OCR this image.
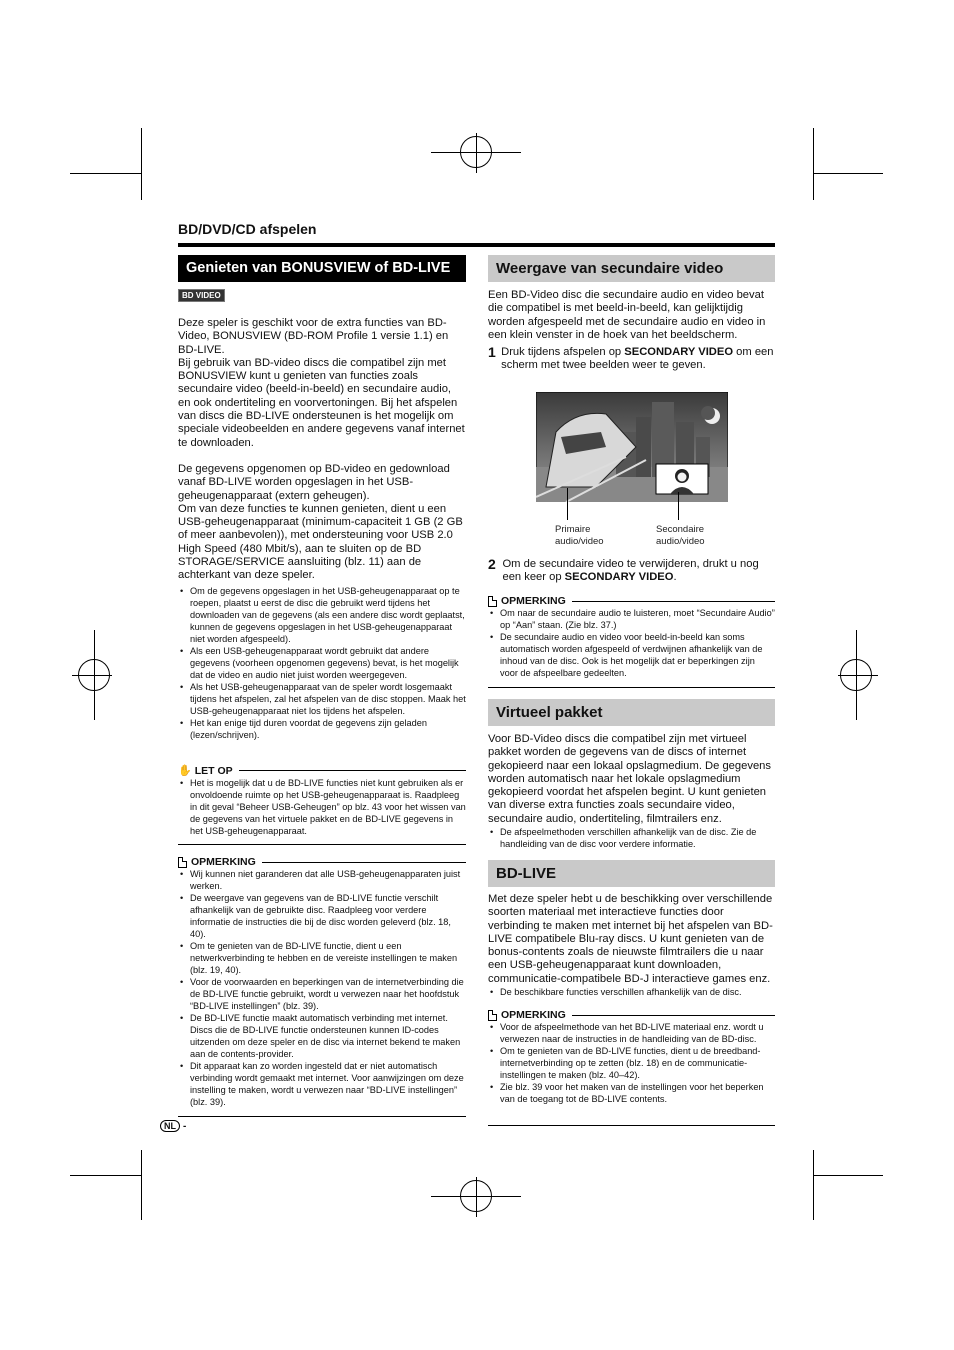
BD/DVD/CD afspelen
Genieten van BONUSVIEW of BD-LIVE
BD VIDEO

Deze speler is geschikt voor de extra functies van BD-Video, BONUSVIEW (BD-ROM Profile 1 versie 1.1) en BD-LIVE.

Bij gebruik van BD-video discs die compatibel zijn met BONUSVIEW kunt u genieten van functies zoals secundaire video (beeld-in-beeld) en secundaire audio, en ook ondertiteling en voorvertoningen. Bij het afspelen van discs die BD-LIVE ondersteunen is het mogelijk om speciale videobeelden en andere gegevens vanaf internet te downloaden.

De gegevens opgenomen op BD-video en gedownload vanaf BD-LIVE worden opgeslagen in het USB-geheugenapparaat (extern geheugen).

Om van deze functies te kunnen genieten, dient u een USB-geheugenapparaat (minimum-capaciteit 1 GB (2 GB of meer aanbevolen)), met ondersteuning voor USB 2.0 High Speed (480 Mbit/s), aan te sluiten op de BD STORAGE/SERVICE aansluiting (blz. 11) aan de achterkant van deze speler.

• Om de gegevens opgeslagen in het USB-geheugenapparaat op te roepen, plaatst u eerst de disc die gebruikt werd tijdens het downloaden van de gegevens (als een andere disc wordt geplaatst, kunnen de gegevens opgeslagen in het USB-geheugenapparaat niet worden afgespeeld).
• Als een USB-geheugenapparaat wordt gebruikt dat andere gegevens (voorheen opgenomen gegevens) bevat, is het mogelijk dat de video en audio niet juist worden weergegeven.
• Als het USB-geheugenapparaat van de speler wordt losgemaakt tijdens het afspelen, zal het afspelen van de disc stoppen. Maak het USB-geheugenapparaat niet los tijdens het afspelen.
• Het kan enige tijd duren voordat de gegevens zijn geladen (lezen/schrijven).
✋ LET OP
• Het is mogelijk dat u de BD-LIVE functies niet kunt gebruiken als er onvoldoende ruimte op het USB-geheugenapparaat is. Raadpleeg in dit geval “Beheer USB-Geheugen” op blz. 43 voor het wissen van de gegevens van het virtuele pakket en de BD-LIVE gegevens in het USB-geheugenapparaat.
OPMERKING
• Wij kunnen niet garanderen dat alle USB-geheugenapparaten juist werken.
• De weergave van gegevens van de BD-LIVE functie verschilt afhankelijk van de gebruikte disc. Raadpleeg voor verdere informatie de instructies die bij de disc worden geleverd (blz. 18, 40).
• Om te genieten van de BD-LIVE functie, dient u een netwerkverbinding te hebben en de vereiste instellingen te maken (blz. 19, 40).
• Voor de voorwaarden en beperkingen van de internetverbinding die de BD-LIVE functie gebruikt, wordt u verwezen naar het hoofdstuk “BD-LIVE instellingen” (blz. 39).
• De BD-LIVE functie maakt automatisch verbinding met internet. Discs die de BD-LIVE functie ondersteunen kunnen ID-codes uitzenden om deze speler en de disc via internet bekend te maken aan de contents-provider.
• Dit apparaat kan zo worden ingesteld dat er niet automatisch verbinding wordt gemaakt met internet. Voor aanwijzingen om deze instelling te maken, wordt u verwezen naar “BD-LIVE instellingen” (blz. 39).
NL -
Weergave van secundaire video

Een BD-Video disc die secundaire audio en video bevat die compatibel is met beeld-in-beeld, kan gelijktijdig worden afgespeeld met de secundaire audio en video in een klein venster in de hoek van het beeldscherm.

1 Druk tijdens afspelen op SECONDARY VIDEO om een scherm met twee beelden weer te geven.
Primaire audio/video
Secondaire audio/video
2 Om de secundaire video te verwijderen, drukt u nog een keer op SECONDARY VIDEO.
OPMERKING
• Om naar de secundaire audio te luisteren, moet “Secundaire Audio” op “Aan” staan. (Zie blz. 37.)
• De secundaire audio en video voor beeld-in-beeld kan soms automatisch worden afgespeeld of verdwijnen afhankelijk van de inhoud van de disc. Ook is het mogelijk dat er beperkingen zijn voor de afspeelbare gedeelten.
Virtueel pakket

Voor BD-Video discs die compatibel zijn met virtueel pakket worden de gegevens van de discs of internet gekopieerd naar een lokaal opslagmedium. De gegevens worden automatisch naar het lokale opslagmedium gekopieerd voordat het afspelen begint. U kunt genieten van diverse extra functies zoals secundaire video, secundaire audio, ondertiteling, filmtrailers enz.

• De afspeelmethoden verschillen afhankelijk van de disc. Zie de handleiding van de disc voor verdere informatie.
BD-LIVE

Met deze speler hebt u de beschikking over verschillende soorten materiaal met interactieve functies door verbinding te maken met internet bij het afspelen van BD-LIVE compatibele Blu-ray discs. U kunt genieten van de bonus-contents zoals de nieuwste filmtrailers die u naar een USB-geheugenapparaat kunt downloaden, communicatie-compatibele BD-J interactieve games enz.

• De beschikbare functies verschillen afhankelijk van de disc.
OPMERKING
• Voor de afspeelmethode van het BD-LIVE materiaal enz. wordt u verwezen naar de instructies in de handleiding van de BD-disc.
• Om te genieten van de BD-LIVE functies, dient u de breedband-internetverbinding op te zetten (blz. 18) en de communicatie-instellingen te maken (blz. 40–42).
• Zie blz. 39 voor het maken van de instellingen voor het beperken van de toegang tot de BD-LIVE contents.
